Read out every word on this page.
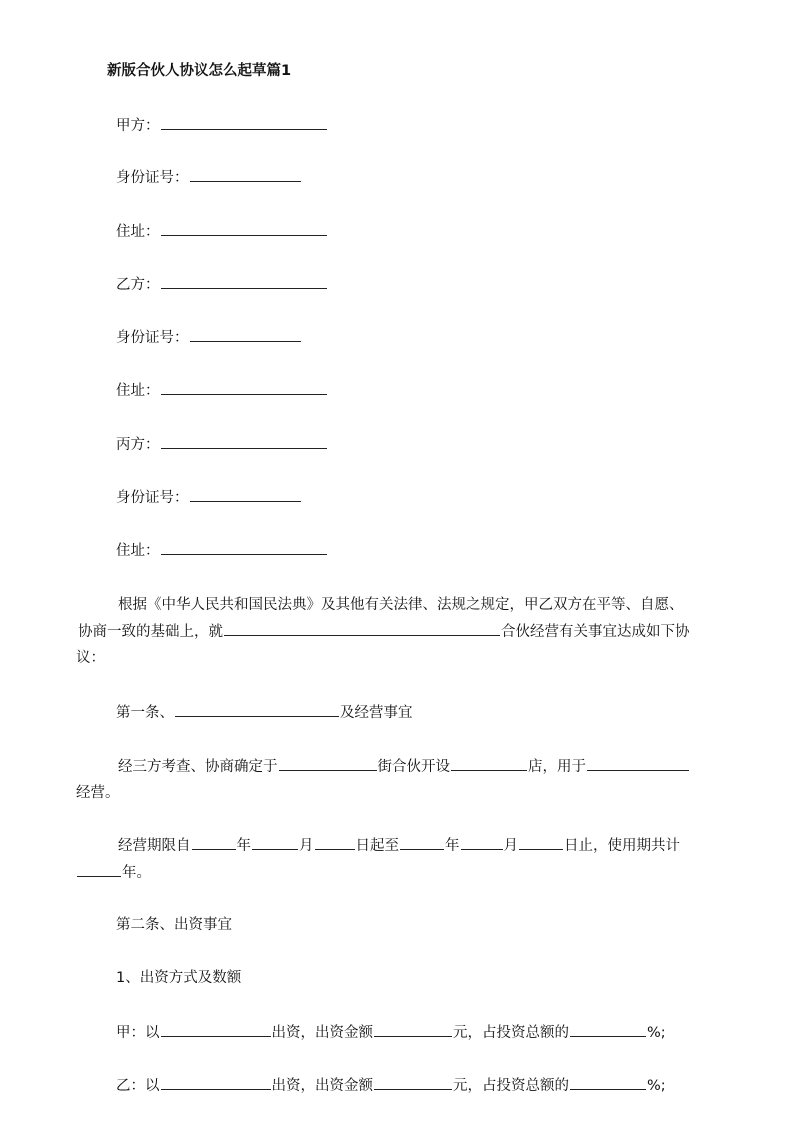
新版合伙人协议怎么起草篇1
甲方：
身份证号：
住址：
乙方：
身份证号：
住址：
丙方：
身份证号：
住址：
根据《中华人民共和国民法典》及其他有关法律、法规之规定，甲乙双方在平等、自愿、
协商一致的基础上，就	合伙经营有关事宜达成如下协
议：
第一条、	及经营事宜
经三方考查、协商确定于	街合伙开设	店，用于
经营。
经营期限自	年	月	日起至	年	月	日止，使用期共计
年。
第二条、出资事宜
1、出资方式及数额
甲：以	出资，出资金额	元，占投资总额的	%;
乙：以	出资，出资金额	元，占投资总额的	%;
